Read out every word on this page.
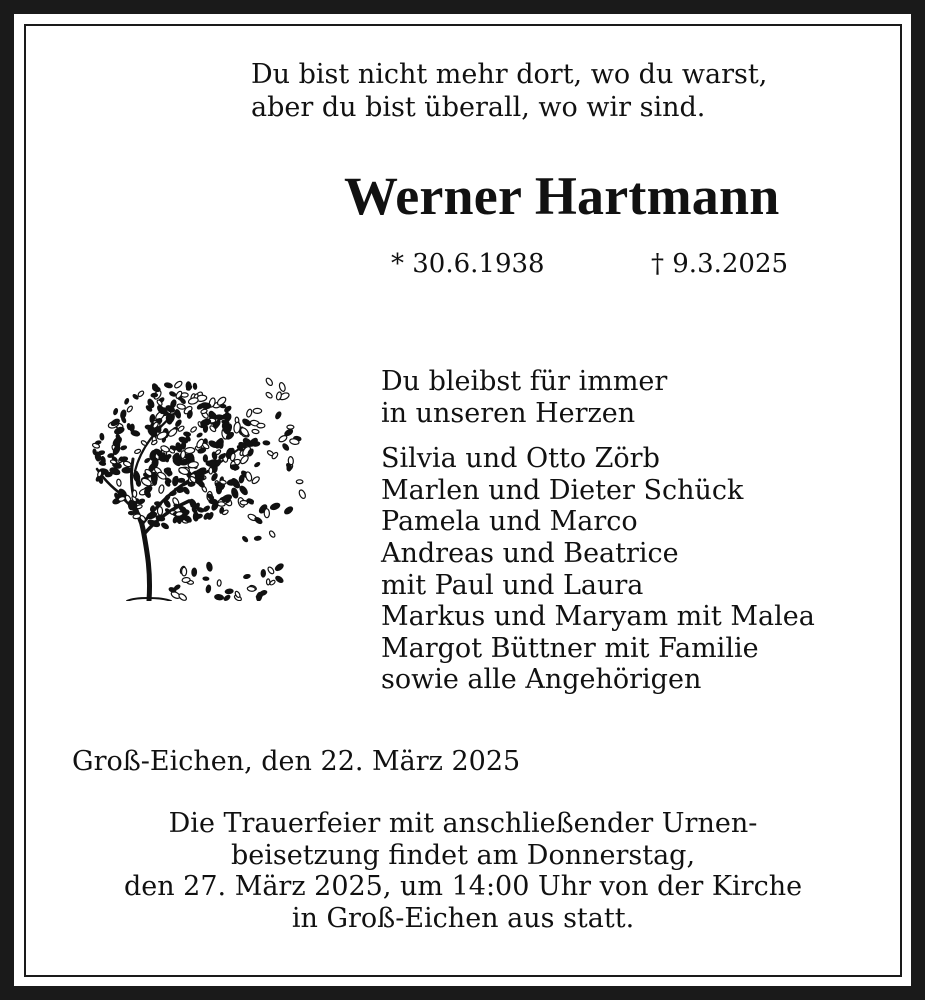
Du bist nicht mehr dort, wo du warst,
aber du bist überall, wo wir sind.

Werner Hartmann
* 30.6.1938	† 9.3.2025
Du bleibst für immer
in unseren Herzen
Silvia und Otto Zörb
Marlen und Dieter Schück
Pamela und Marco
Andreas und Beatrice
mit Paul und Laura
Markus und Maryam mit Malea
Margot Büttner mit Familie
sowie alle Angehörigen
Groß-Eichen, den 22. März 2025
Die Trauerfeier mit anschließender Urnen-
beisetzung findet am Donnerstag,
den 27. März 2025, um 14:00 Uhr von der Kirche
in Groß-Eichen aus statt.
